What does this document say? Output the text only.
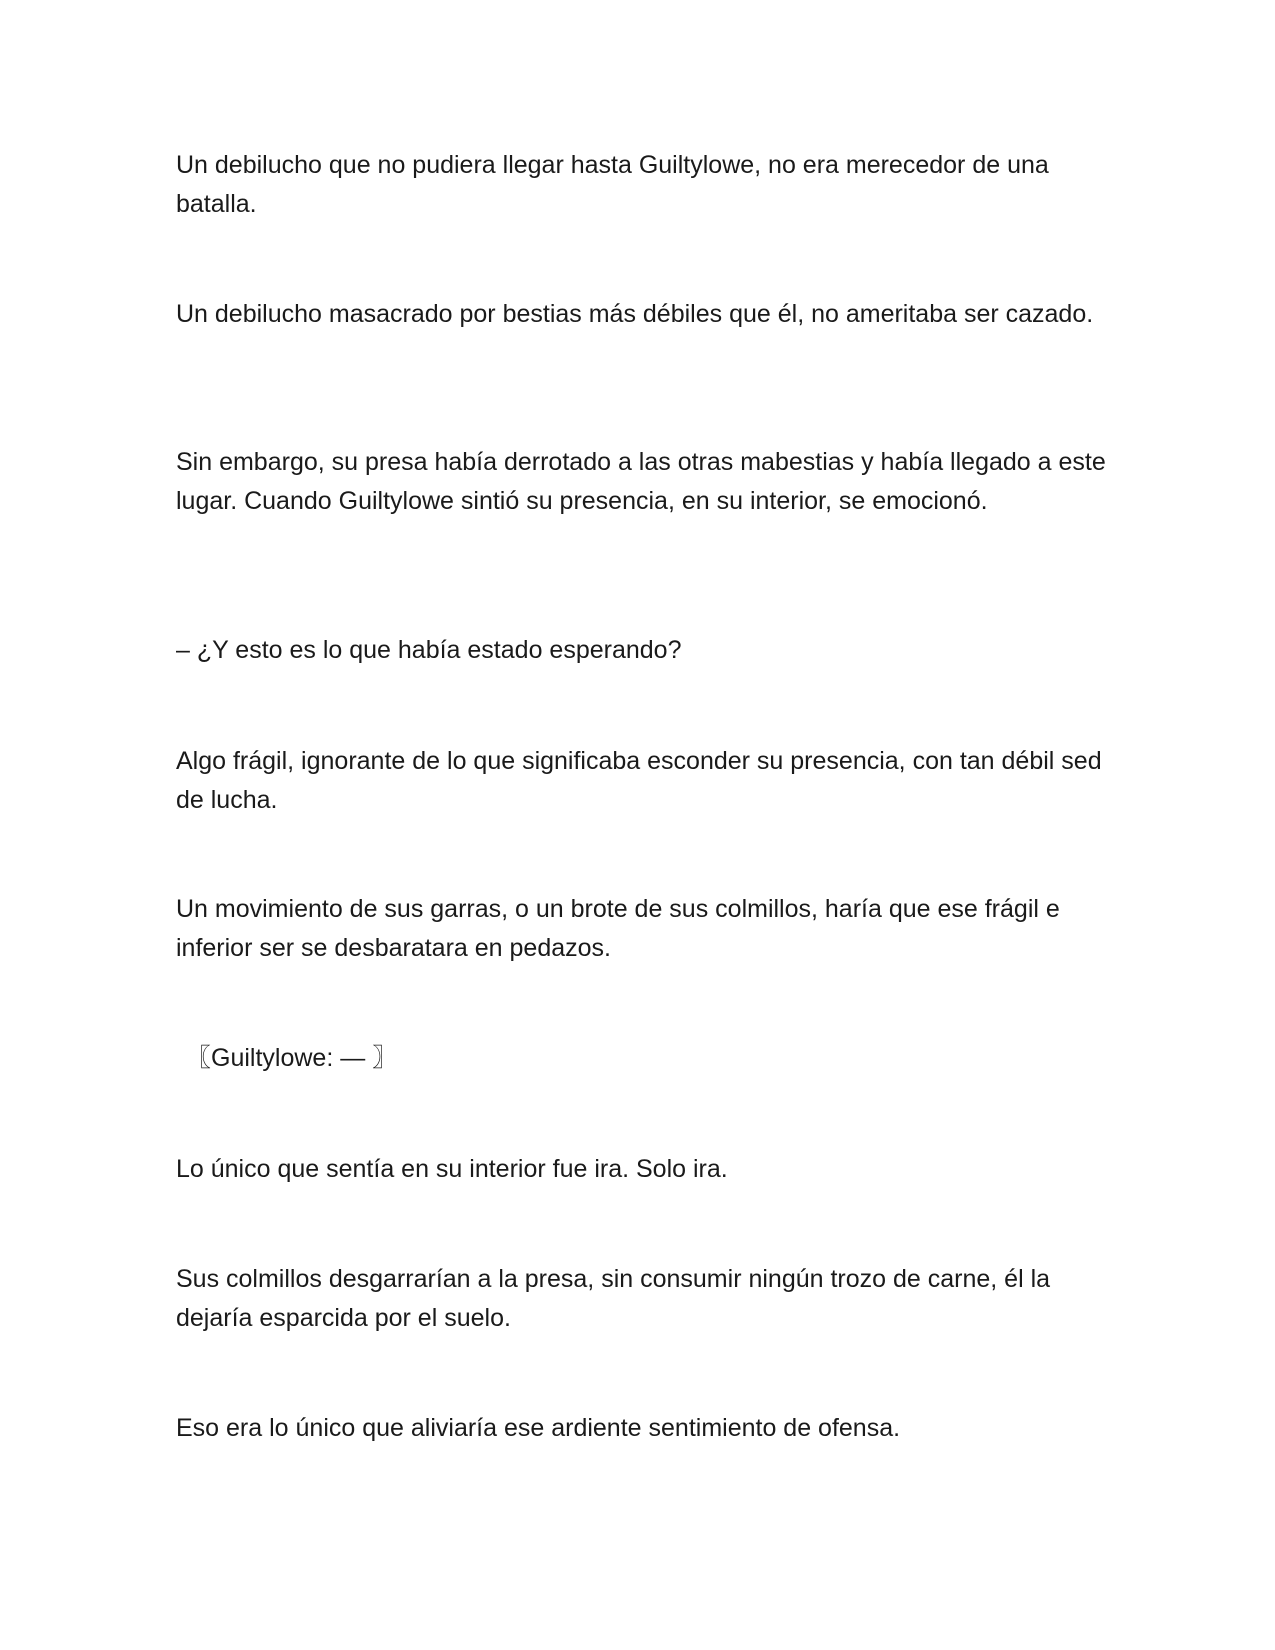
Un debilucho que no pudiera llegar hasta Guiltylowe, no era merecedor de una batalla.

Un debilucho masacrado por bestias más débiles que él, no ameritaba ser cazado.

Sin embargo, su presa había derrotado a las otras mabestias y había llegado a este lugar. Cuando Guiltylowe sintió su presencia, en su interior, se emocionó.

– ¿Y esto es lo que había estado esperando?

Algo frágil, ignorante de lo que significaba esconder su presencia, con tan débil sed de lucha.

Un movimiento de sus garras, o un brote de sus colmillos, haría que ese frágil e inferior ser se desbaratara en pedazos.

〖Guiltylowe: — 〗

Lo único que sentía en su interior fue ira. Solo ira.

Sus colmillos desgarrarían a la presa, sin consumir ningún trozo de carne, él la dejaría esparcida por el suelo.

Eso era lo único que aliviaría ese ardiente sentimiento de ofensa.
